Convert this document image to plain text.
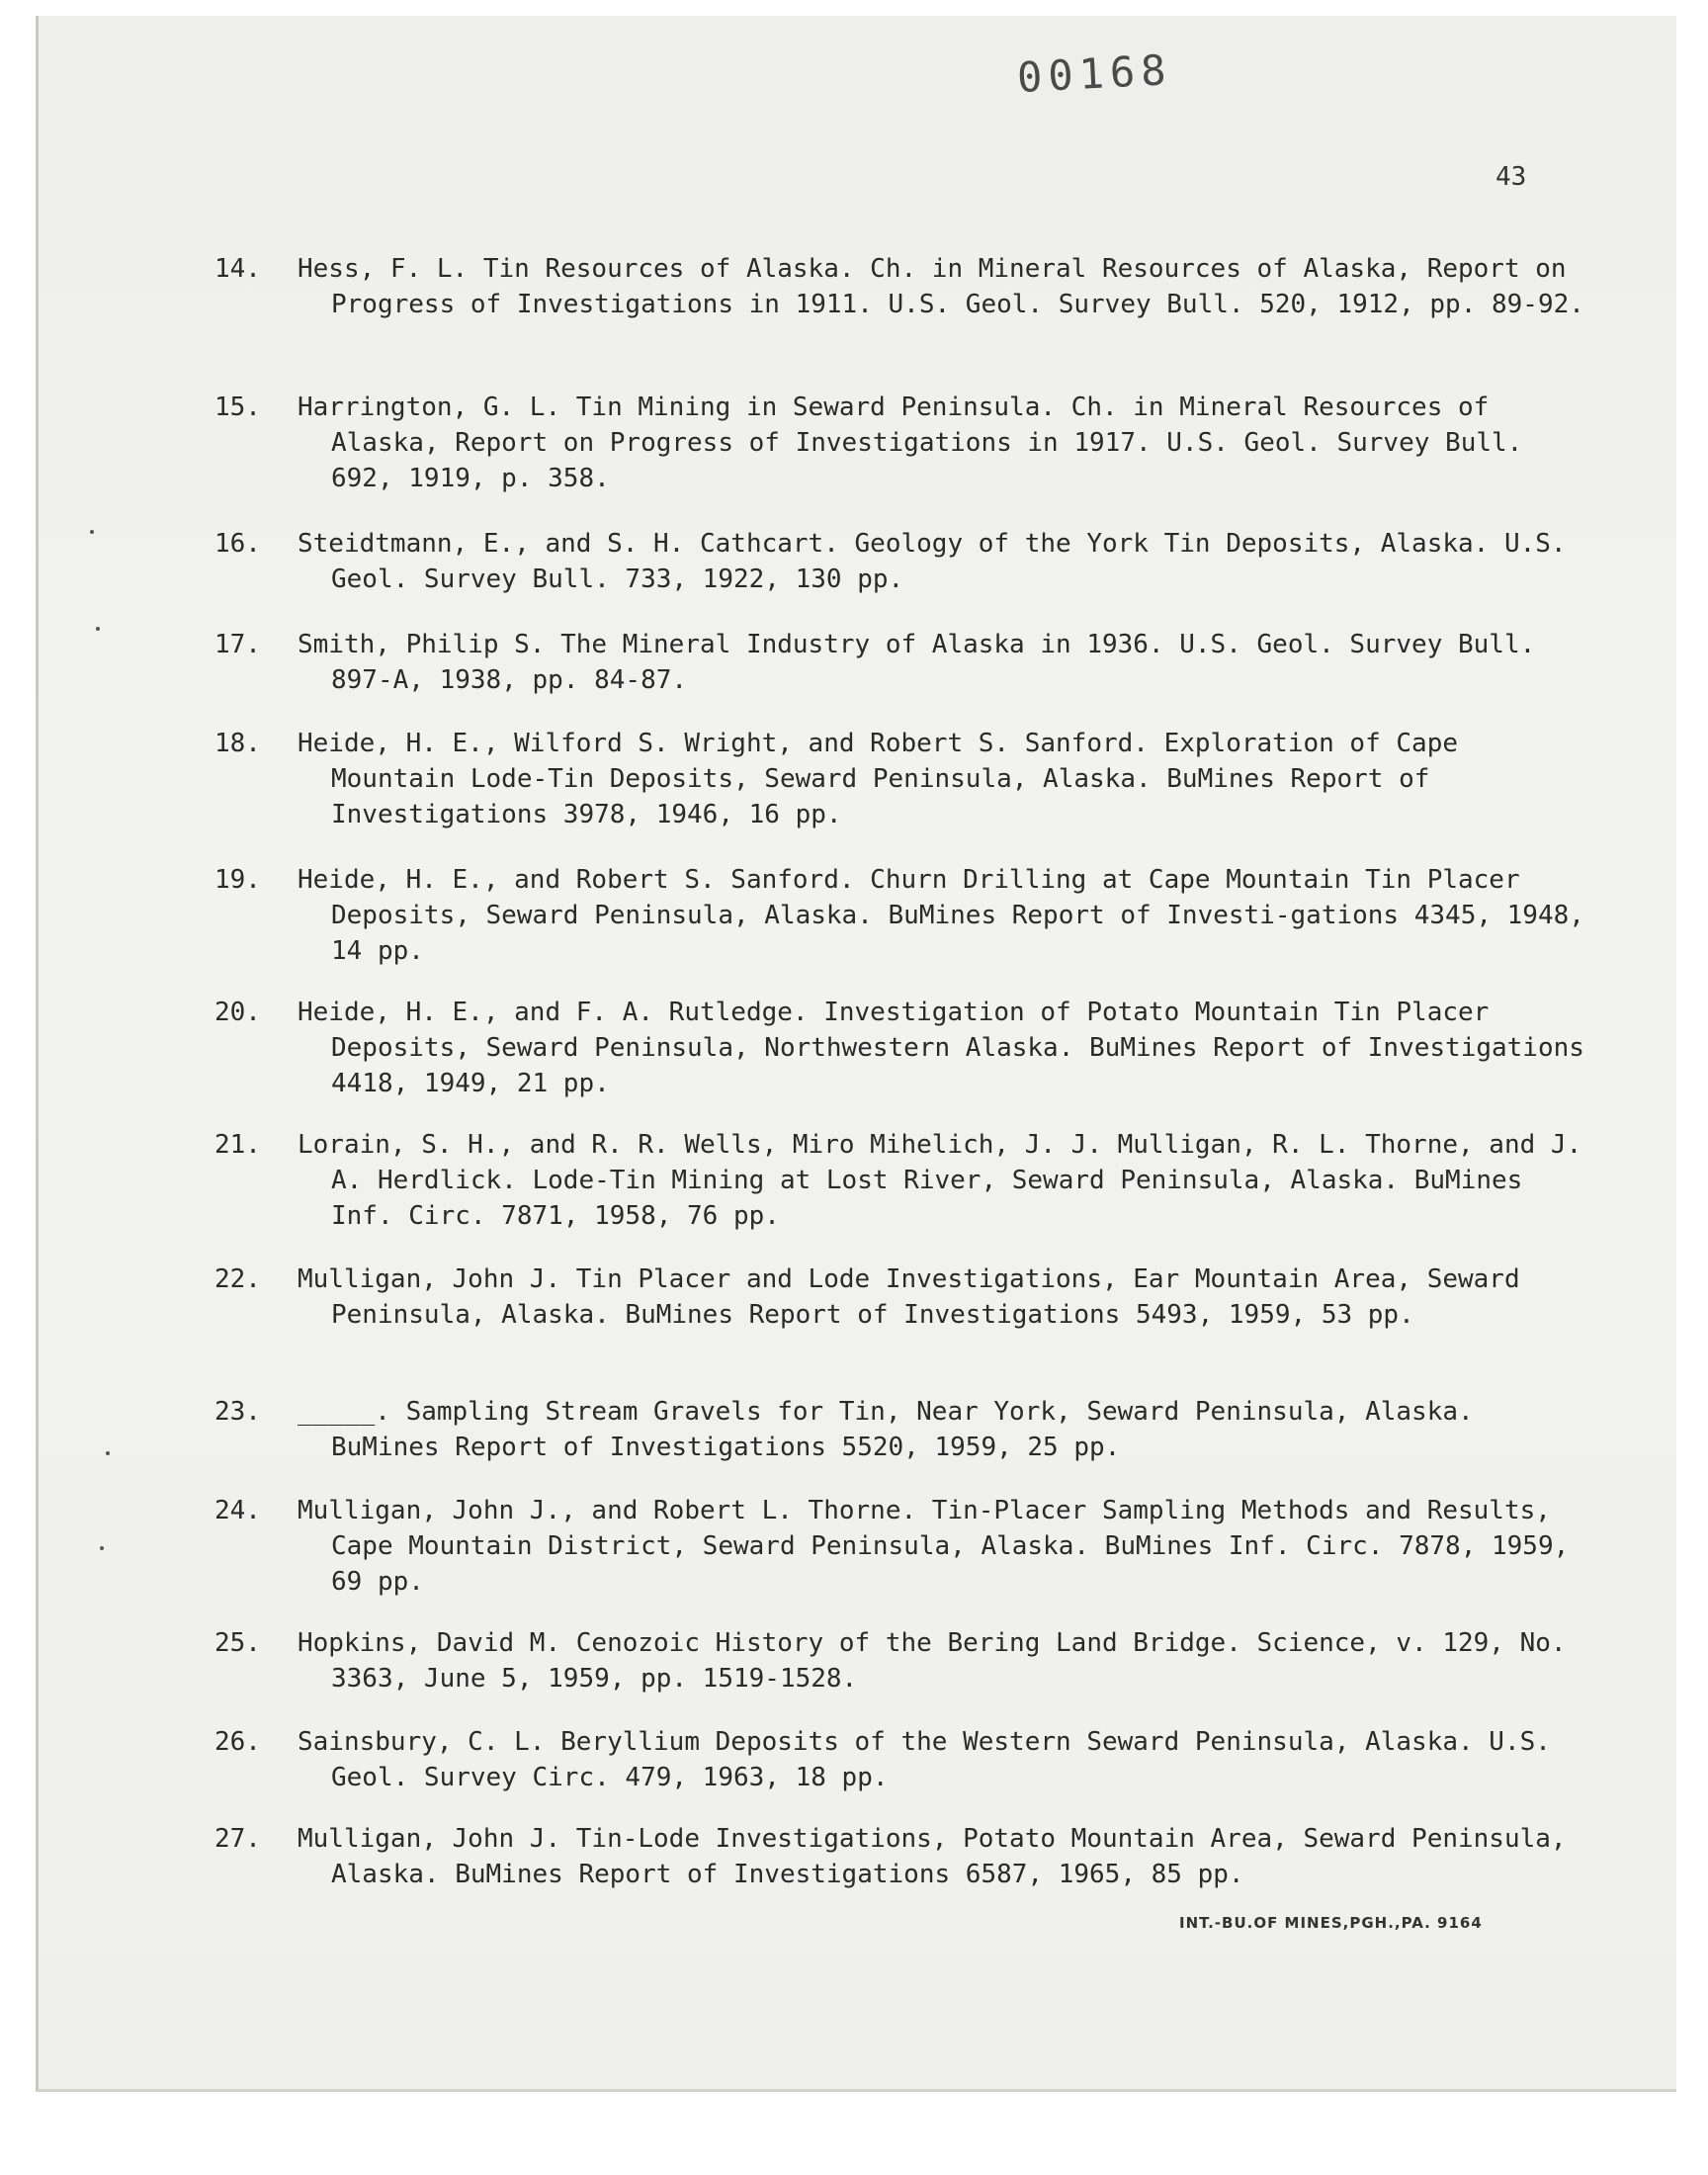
00168
43
14. Hess, F. L. Tin Resources of Alaska. Ch. in Mineral Resources of Alaska, Report on Progress of Investigations in 1911. U.S. Geol. Survey Bull. 520, 1912, pp. 89-92.
15. Harrington, G. L. Tin Mining in Seward Peninsula. Ch. in Mineral Resources of Alaska, Report on Progress of Investigations in 1917. U.S. Geol. Survey Bull. 692, 1919, p. 358.
16. Steidtmann, E., and S. H. Cathcart. Geology of the York Tin Deposits, Alaska. U.S. Geol. Survey Bull. 733, 1922, 130 pp.
17. Smith, Philip S. The Mineral Industry of Alaska in 1936. U.S. Geol. Survey Bull. 897-A, 1938, pp. 84-87.
18. Heide, H. E., Wilford S. Wright, and Robert S. Sanford. Exploration of Cape Mountain Lode-Tin Deposits, Seward Peninsula, Alaska. BuMines Report of Investigations 3978, 1946, 16 pp.
19. Heide, H. E., and Robert S. Sanford. Churn Drilling at Cape Mountain Tin Placer Deposits, Seward Peninsula, Alaska. BuMines Report of Investi-gations 4345, 1948, 14 pp.
20. Heide, H. E., and F. A. Rutledge. Investigation of Potato Mountain Tin Placer Deposits, Seward Peninsula, Northwestern Alaska. BuMines Report of Investigations 4418, 1949, 21 pp.
21. Lorain, S. H., and R. R. Wells, Miro Mihelich, J. J. Mulligan, R. L. Thorne, and J. A. Herdlick. Lode-Tin Mining at Lost River, Seward Peninsula, Alaska. BuMines Inf. Circ. 7871, 1958, 76 pp.
22. Mulligan, John J. Tin Placer and Lode Investigations, Ear Mountain Area, Seward Peninsula, Alaska. BuMines Report of Investigations 5493, 1959, 53 pp.
23. _____. Sampling Stream Gravels for Tin, Near York, Seward Peninsula, Alaska. BuMines Report of Investigations 5520, 1959, 25 pp.
24. Mulligan, John J., and Robert L. Thorne. Tin-Placer Sampling Methods and Results, Cape Mountain District, Seward Peninsula, Alaska. BuMines Inf. Circ. 7878, 1959, 69 pp.
25. Hopkins, David M. Cenozoic History of the Bering Land Bridge. Science, v. 129, No. 3363, June 5, 1959, pp. 1519-1528.
26. Sainsbury, C. L. Beryllium Deposits of the Western Seward Peninsula, Alaska. U.S. Geol. Survey Circ. 479, 1963, 18 pp.
27. Mulligan, John J. Tin-Lode Investigations, Potato Mountain Area, Seward Peninsula, Alaska. BuMines Report of Investigations 6587, 1965, 85 pp.
INT.-BU.OF MINES,PGH.,PA. 9164
